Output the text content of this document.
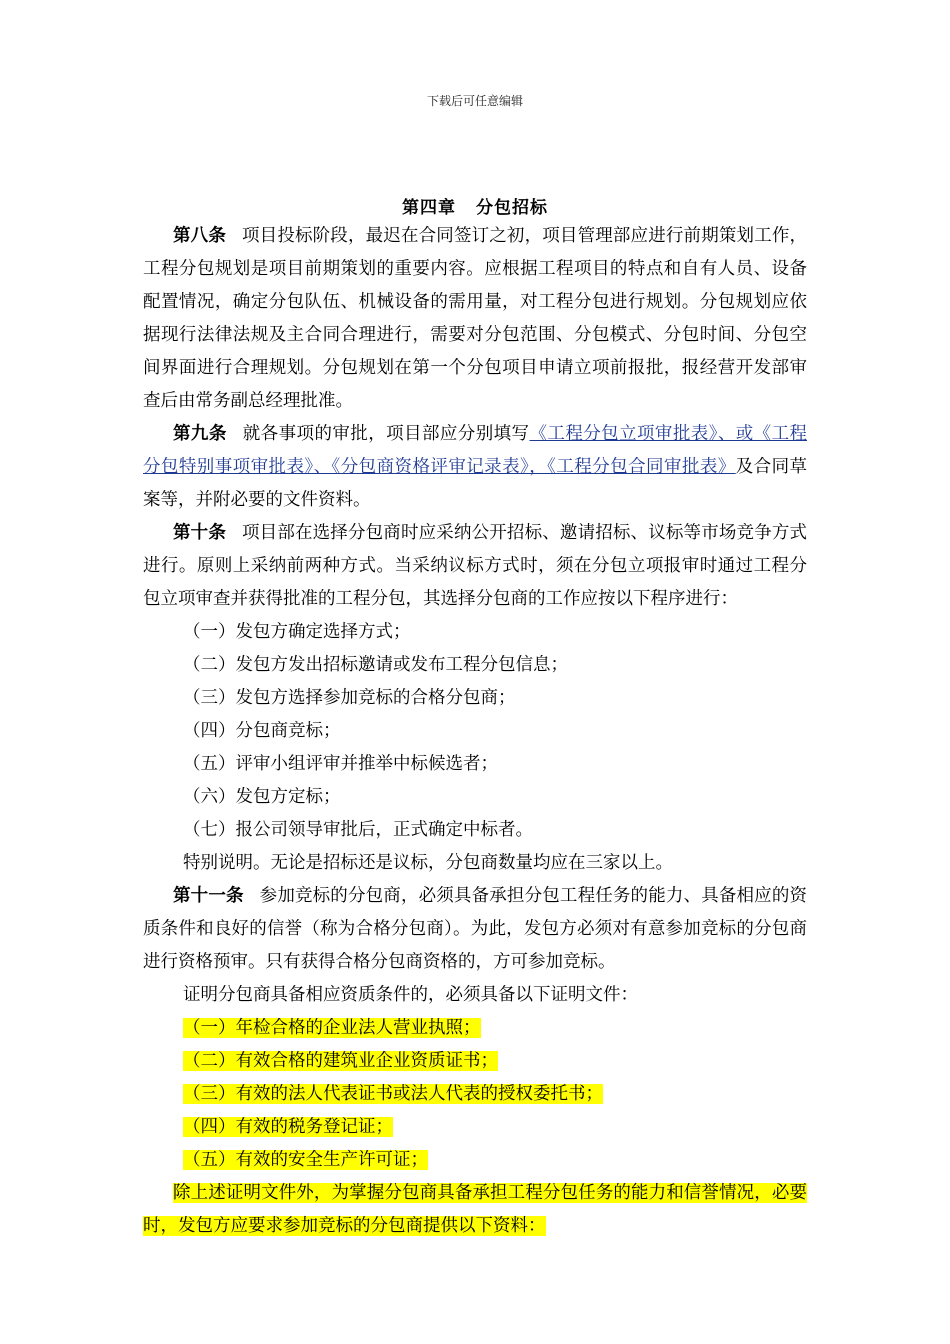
下载后可任意编辑
第四章 分包招标

第八条 项目投标阶段，最迟在合同签订之初，项目管理部应进行前期策划工作，工程分包规划是项目前期策划的重要内容。应根据工程项目的特点和自有人员、设备配置情况，确定分包队伍、机械设备的需用量，对工程分包进行规划。分包规划应依据现行法律法规及主合同合理进行，需要对分包范围、分包模式、分包时间、分包空间界面进行合理规划。分包规划在第一个分包项目申请立项前报批，报经营开发部审查后由常务副总经理批准。

第九条 就各事项的审批，项目部应分别填写《工程分包立项审批表》、或《工程分包特别事项审批表》、《分包商资格评审记录表》，《工程分包合同审批表》及合同草案等，并附必要的文件资料。

第十条 项目部在选择分包商时应采纳公开招标、邀请招标、议标等市场竞争方式进行。原则上采纳前两种方式。当采纳议标方式时，须在分包立项报审时通过工程分包立项审查并获得批准的工程分包，其选择分包商的工作应按以下程序进行：

（一）发包方确定选择方式；

（二）发包方发出招标邀请或发布工程分包信息；

（三）发包方选择参加竞标的合格分包商；

（四）分包商竞标；

（五）评审小组评审并推举中标候选者；

（六）发包方定标；

（七）报公司领导审批后，正式确定中标者。

特别说明。无论是招标还是议标，分包商数量均应在三家以上。

第十一条 参加竞标的分包商，必须具备承担分包工程任务的能力、具备相应的资质条件和良好的信誉（称为合格分包商）。为此，发包方必须对有意参加竞标的分包商进行资格预审。只有获得合格分包商资格的，方可参加竞标。

证明分包商具备相应资质条件的，必须具备以下证明文件：

（一）年检合格的企业法人营业执照；

（二）有效合格的建筑业企业资质证书；

（三）有效的法人代表证书或法人代表的授权委托书；

（四）有效的税务登记证；

（五）有效的安全生产许可证；

除上述证明文件外，为掌握分包商具备承担工程分包任务的能力和信誉情况，必要时，发包方应要求参加竞标的分包商提供以下资料：
